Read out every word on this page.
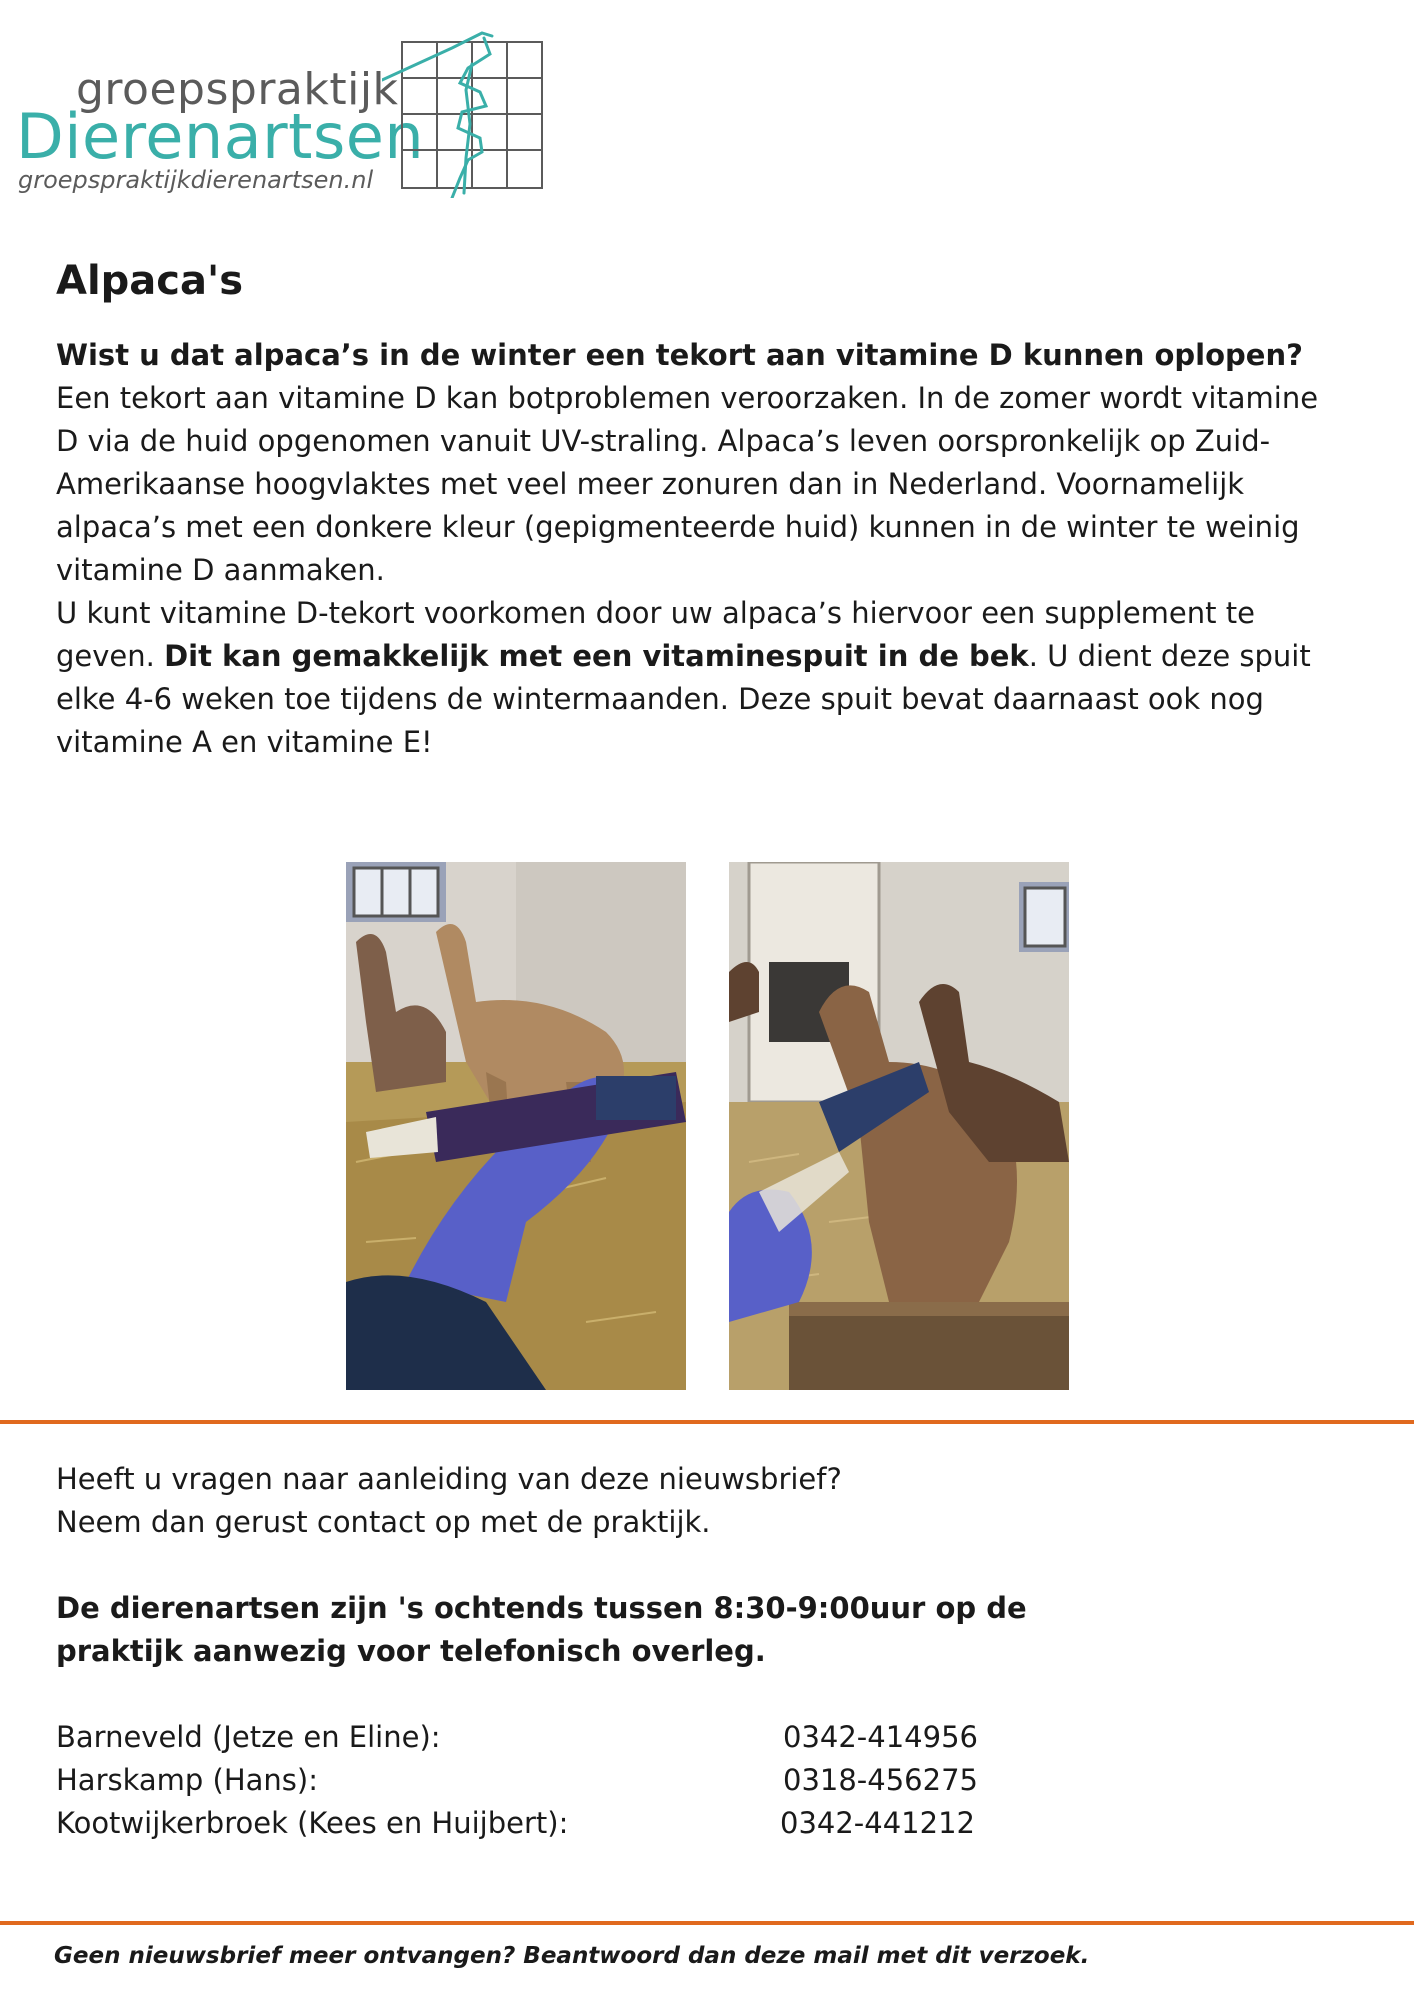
groepspraktijk
Dierenartsen
groepspraktijkdierenartsen.nl
Alpaca's
Wist u dat alpaca’s in de winter een tekort aan vitamine D kunnen oplopen?
Een tekort aan vitamine D kan botproblemen veroorzaken. In de zomer wordt vitamine D via de huid opgenomen vanuit UV-straling. Alpaca’s leven oorspronkelijk op Zuid-Amerikaanse hoogvlaktes met veel meer zonuren dan in Nederland. Voornamelijk alpaca’s met een donkere kleur (gepigmenteerde huid) kunnen in de winter te weinig vitamine D aanmaken.
U kunt vitamine D-tekort voorkomen door uw alpaca’s hiervoor een supplement te geven. Dit kan gemakkelijk met een vitaminespuit in de bek. U dient deze spuit elke 4-6 weken toe tijdens de wintermaanden. Deze spuit bevat daarnaast ook nog vitamine A en vitamine E!

Heeft u vragen naar aanleiding van deze nieuwsbrief?

Neem dan gerust contact op met de praktijk.

De dierenartsen zijn 's ochtends tussen 8:30-9:00uur op de praktijk aanwezig voor telefonisch overleg.

Barneveld (Jetze en Eline):	0342-414956
Harskamp (Hans):	0318-456275
Kootwijkerbroek (Kees en Huijbert):	0342-441212
Geen nieuwsbrief meer ontvangen? Beantwoord dan deze mail met dit verzoek.
